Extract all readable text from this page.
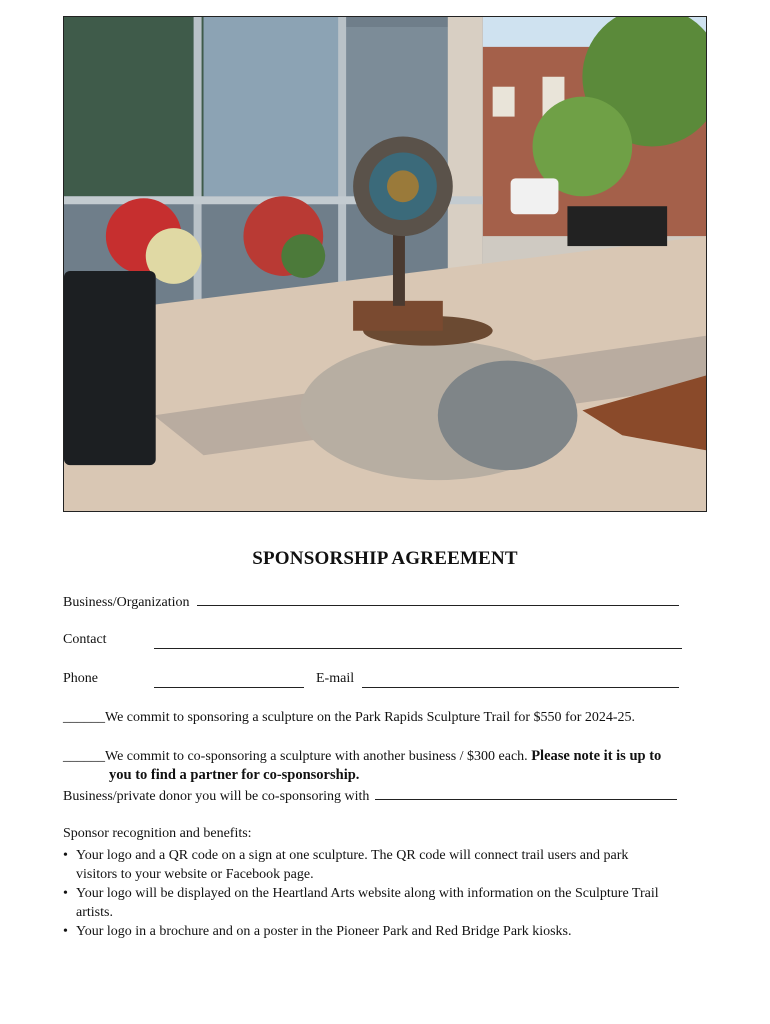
SPONSORSHIP AGREEMENT
Business/Organization
Contact
Phone	E-mail
______We commit to sponsoring a sculpture on the Park Rapids Sculpture Trail for $550 for 2024-25.
______We commit to co-sponsoring a sculpture with another business / $300 each. Please note it is up to
you to find a partner for co-sponsorship.
Business/private donor you will be co-sponsoring with
Sponsor recognition and benefits:
• Your logo and a QR code on a sign at one sculpture. The QR code will connect trail users and park
visitors to your website or Facebook page.
• Your logo will be displayed on the Heartland Arts website along with information on the Sculpture Trail
artists.
• Your logo in a brochure and on a poster in the Pioneer Park and Red Bridge Park kiosks.
